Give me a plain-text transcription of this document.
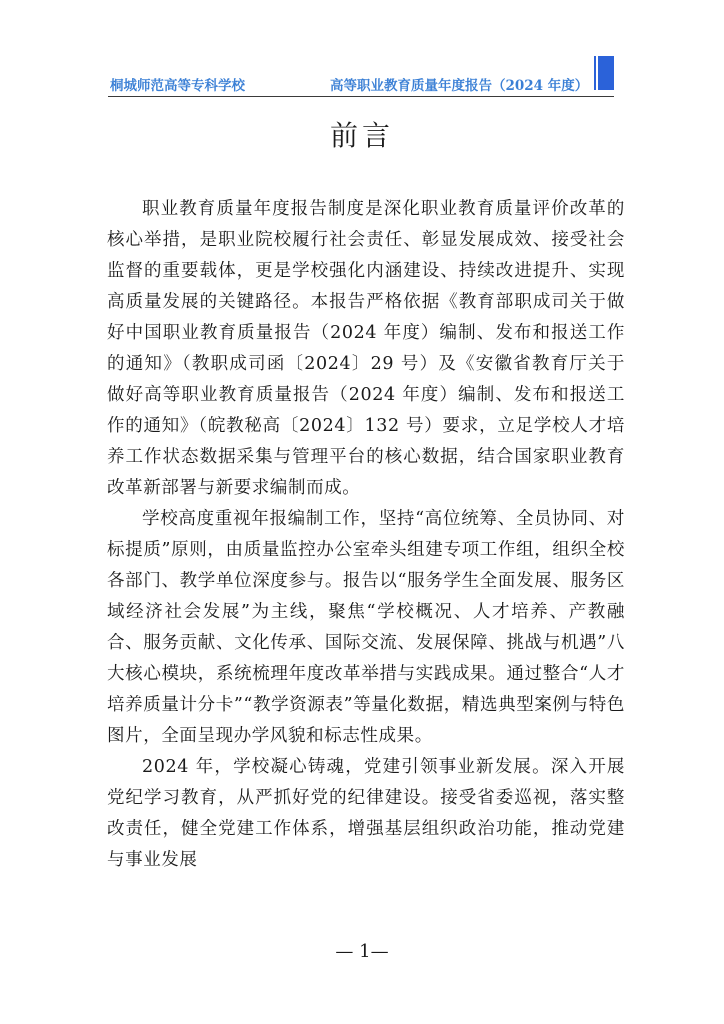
桐城师范高等专科学校	高等职业教育质量年度报告（2024 年度）
前言

职业教育质量年度报告制度是深化职业教育质量评价改革的核心举措，是职业院校履行社会责任、彰显发展成效、接受社会监督的重要载体，更是学校强化内涵建设、持续改进提升、实现高质量发展的关键路径。本报告严格依据《教育部职成司关于做好中国职业教育质量报告（2024 年度）编制、发布和报送工作的通知》（教职成司函〔2024〕29 号）及《安徽省教育厅关于做好高等职业教育质量报告（2024 年度）编制、发布和报送工作的通知》（皖教秘高〔2024〕132 号）要求，立足学校人才培养工作状态数据采集与管理平台的核心数据，结合国家职业教育改革新部署与新要求编制而成。

学校高度重视年报编制工作，坚持“高位统筹、全员协同、对标提质”原则，由质量监控办公室牵头组建专项工作组，组织全校各部门、教学单位深度参与。报告以“服务学生全面发展、服务区域经济社会发展”为主线，聚焦“学校概况、人才培养、产教融合、服务贡献、文化传承、国际交流、发展保障、挑战与机遇”八大核心模块，系统梳理年度改革举措与实践成果。通过整合“人才培养质量计分卡”“教学资源表”等量化数据，精选典型案例与特色图片，全面呈现办学风貌和标志性成果。

2024 年，学校凝心铸魂，党建引领事业新发展。深入开展党纪学习教育，从严抓好党的纪律建设。接受省委巡视，落实整改责任，健全党建工作体系，增强基层组织政治功能，推动党建与事业发展

— 1—
